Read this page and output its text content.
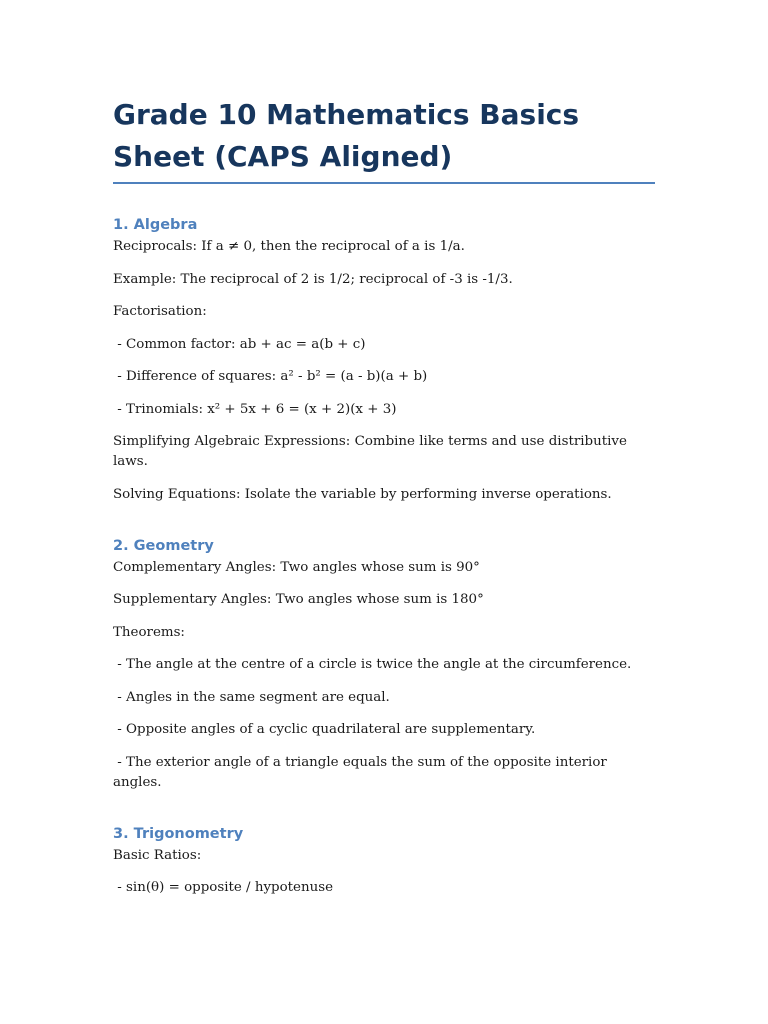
Grade 10 Mathematics Basics Sheet (CAPS Aligned)
1. Algebra

Reciprocals: If a ≠ 0, then the reciprocal of a is 1/a.

Example: The reciprocal of 2 is 1/2; reciprocal of -3 is -1/3.

Factorisation:

- Common factor: ab + ac = a(b + c)

- Difference of squares: a² - b² = (a - b)(a + b)

- Trinomials: x² + 5x + 6 = (x + 2)(x + 3)

Simplifying Algebraic Expressions: Combine like terms and use distributive laws.

Solving Equations: Isolate the variable by performing inverse operations.

2. Geometry

Complementary Angles: Two angles whose sum is 90°

Supplementary Angles: Two angles whose sum is 180°

Theorems:

- The angle at the centre of a circle is twice the angle at the circumference.

- Angles in the same segment are equal.

- Opposite angles of a cyclic quadrilateral are supplementary.

- The exterior angle of a triangle equals the sum of the opposite interior angles.

3. Trigonometry

Basic Ratios:

- sin(θ) = opposite / hypotenuse
